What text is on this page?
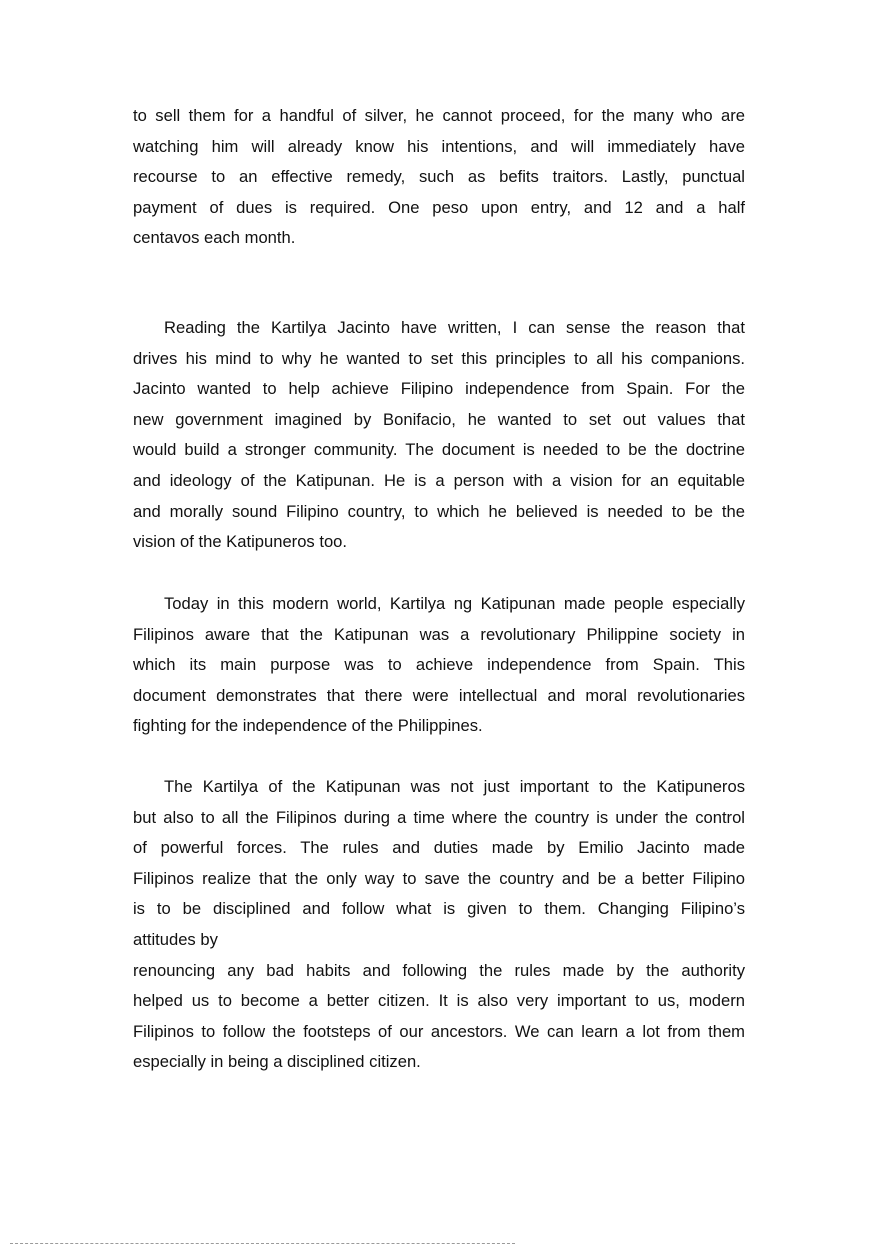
to sell them for a handful of silver, he cannot proceed, for the many who are
watching him will already know his intentions, and will immediately have
recourse to an effective remedy, such as befits traitors. Lastly, punctual
payment of dues is required. One peso upon entry, and 12 and a half
centavos each month.

Reading the Kartilya Jacinto have written, I can sense the reason that
drives his mind to why he wanted to set this principles to all his companions.
Jacinto wanted to help achieve Filipino independence from Spain. For the
new government imagined by Bonifacio, he wanted to set out values that
would build a stronger community. The document is needed to be the doctrine
and ideology of the Katipunan. He is a person with a vision for an equitable
and morally sound Filipino country, to which he believed is needed to be the
vision of the Katipuneros too.

Today in this modern world, Kartilya ng Katipunan made people especially
Filipinos aware that the Katipunan was a revolutionary Philippine society in
which its main purpose was to achieve independence from Spain. This
document demonstrates that there were intellectual and moral revolutionaries
fighting for the independence of the Philippines.

The Kartilya of the Katipunan was not just important to the Katipuneros
but also to all the Filipinos during a time where the country is under the control
of powerful forces. The rules and duties made by Emilio Jacinto made
Filipinos realize that the only way to save the country and be a better Filipino
is to be disciplined and follow what is given to them. Changing Filipino’s
attitudes by
renouncing any bad habits and following the rules made by the authority
helped us to become a better citizen. It is also very important to us, modern
Filipinos to follow the footsteps of our ancestors. We can learn a lot from them
especially in being a disciplined citizen.
